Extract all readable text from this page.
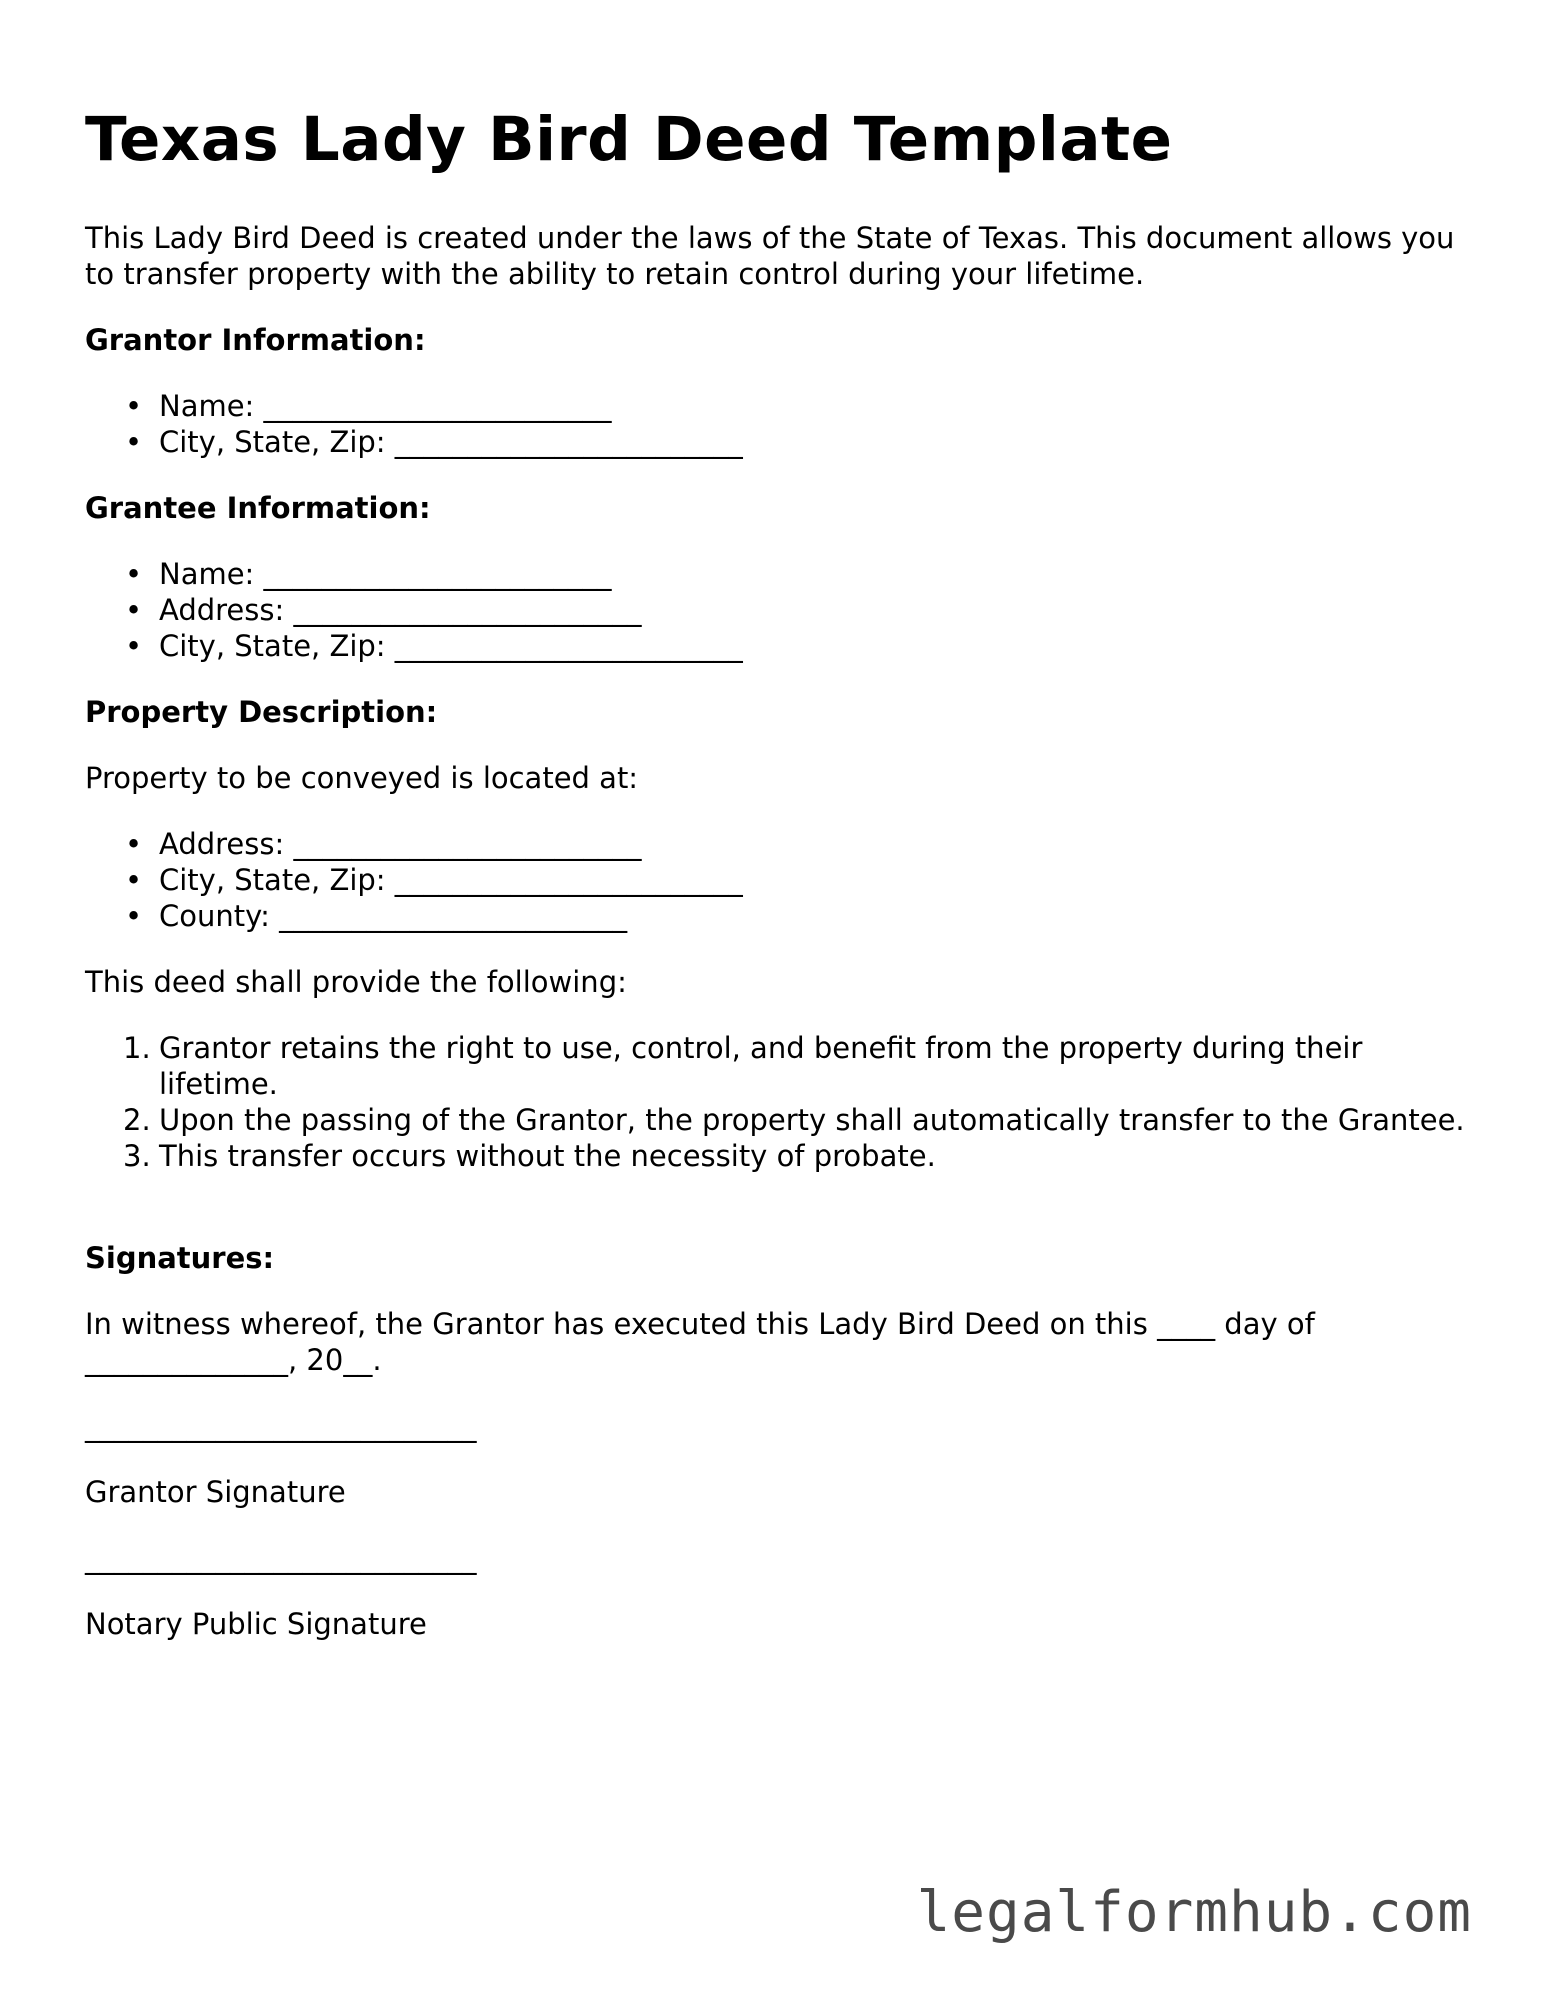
Texas Lady Bird Deed Template
This Lady Bird Deed is created under the laws of the State of Texas. This document allows you to transfer property with the ability to retain control during your lifetime.
Grantor Information:
• Name: ________________________
• City, State, Zip: ________________________
Grantee Information:
• Name: ________________________
• Address: ________________________
• City, State, Zip: ________________________
Property Description:
Property to be conveyed is located at:
• Address: ________________________
• City, State, Zip: ________________________
• County: ________________________
This deed shall provide the following:
1. Grantor retains the right to use, control, and benefit from the property during their lifetime.
2. Upon the passing of the Grantor, the property shall automatically transfer to the Grantee.
3. This transfer occurs without the necessity of probate.
Signatures:
In witness whereof, the Grantor has executed this Lady Bird Deed on this ____ day of ______________, 20__.
___________________________
Grantor Signature
___________________________
Notary Public Signature
legalformhub.com
